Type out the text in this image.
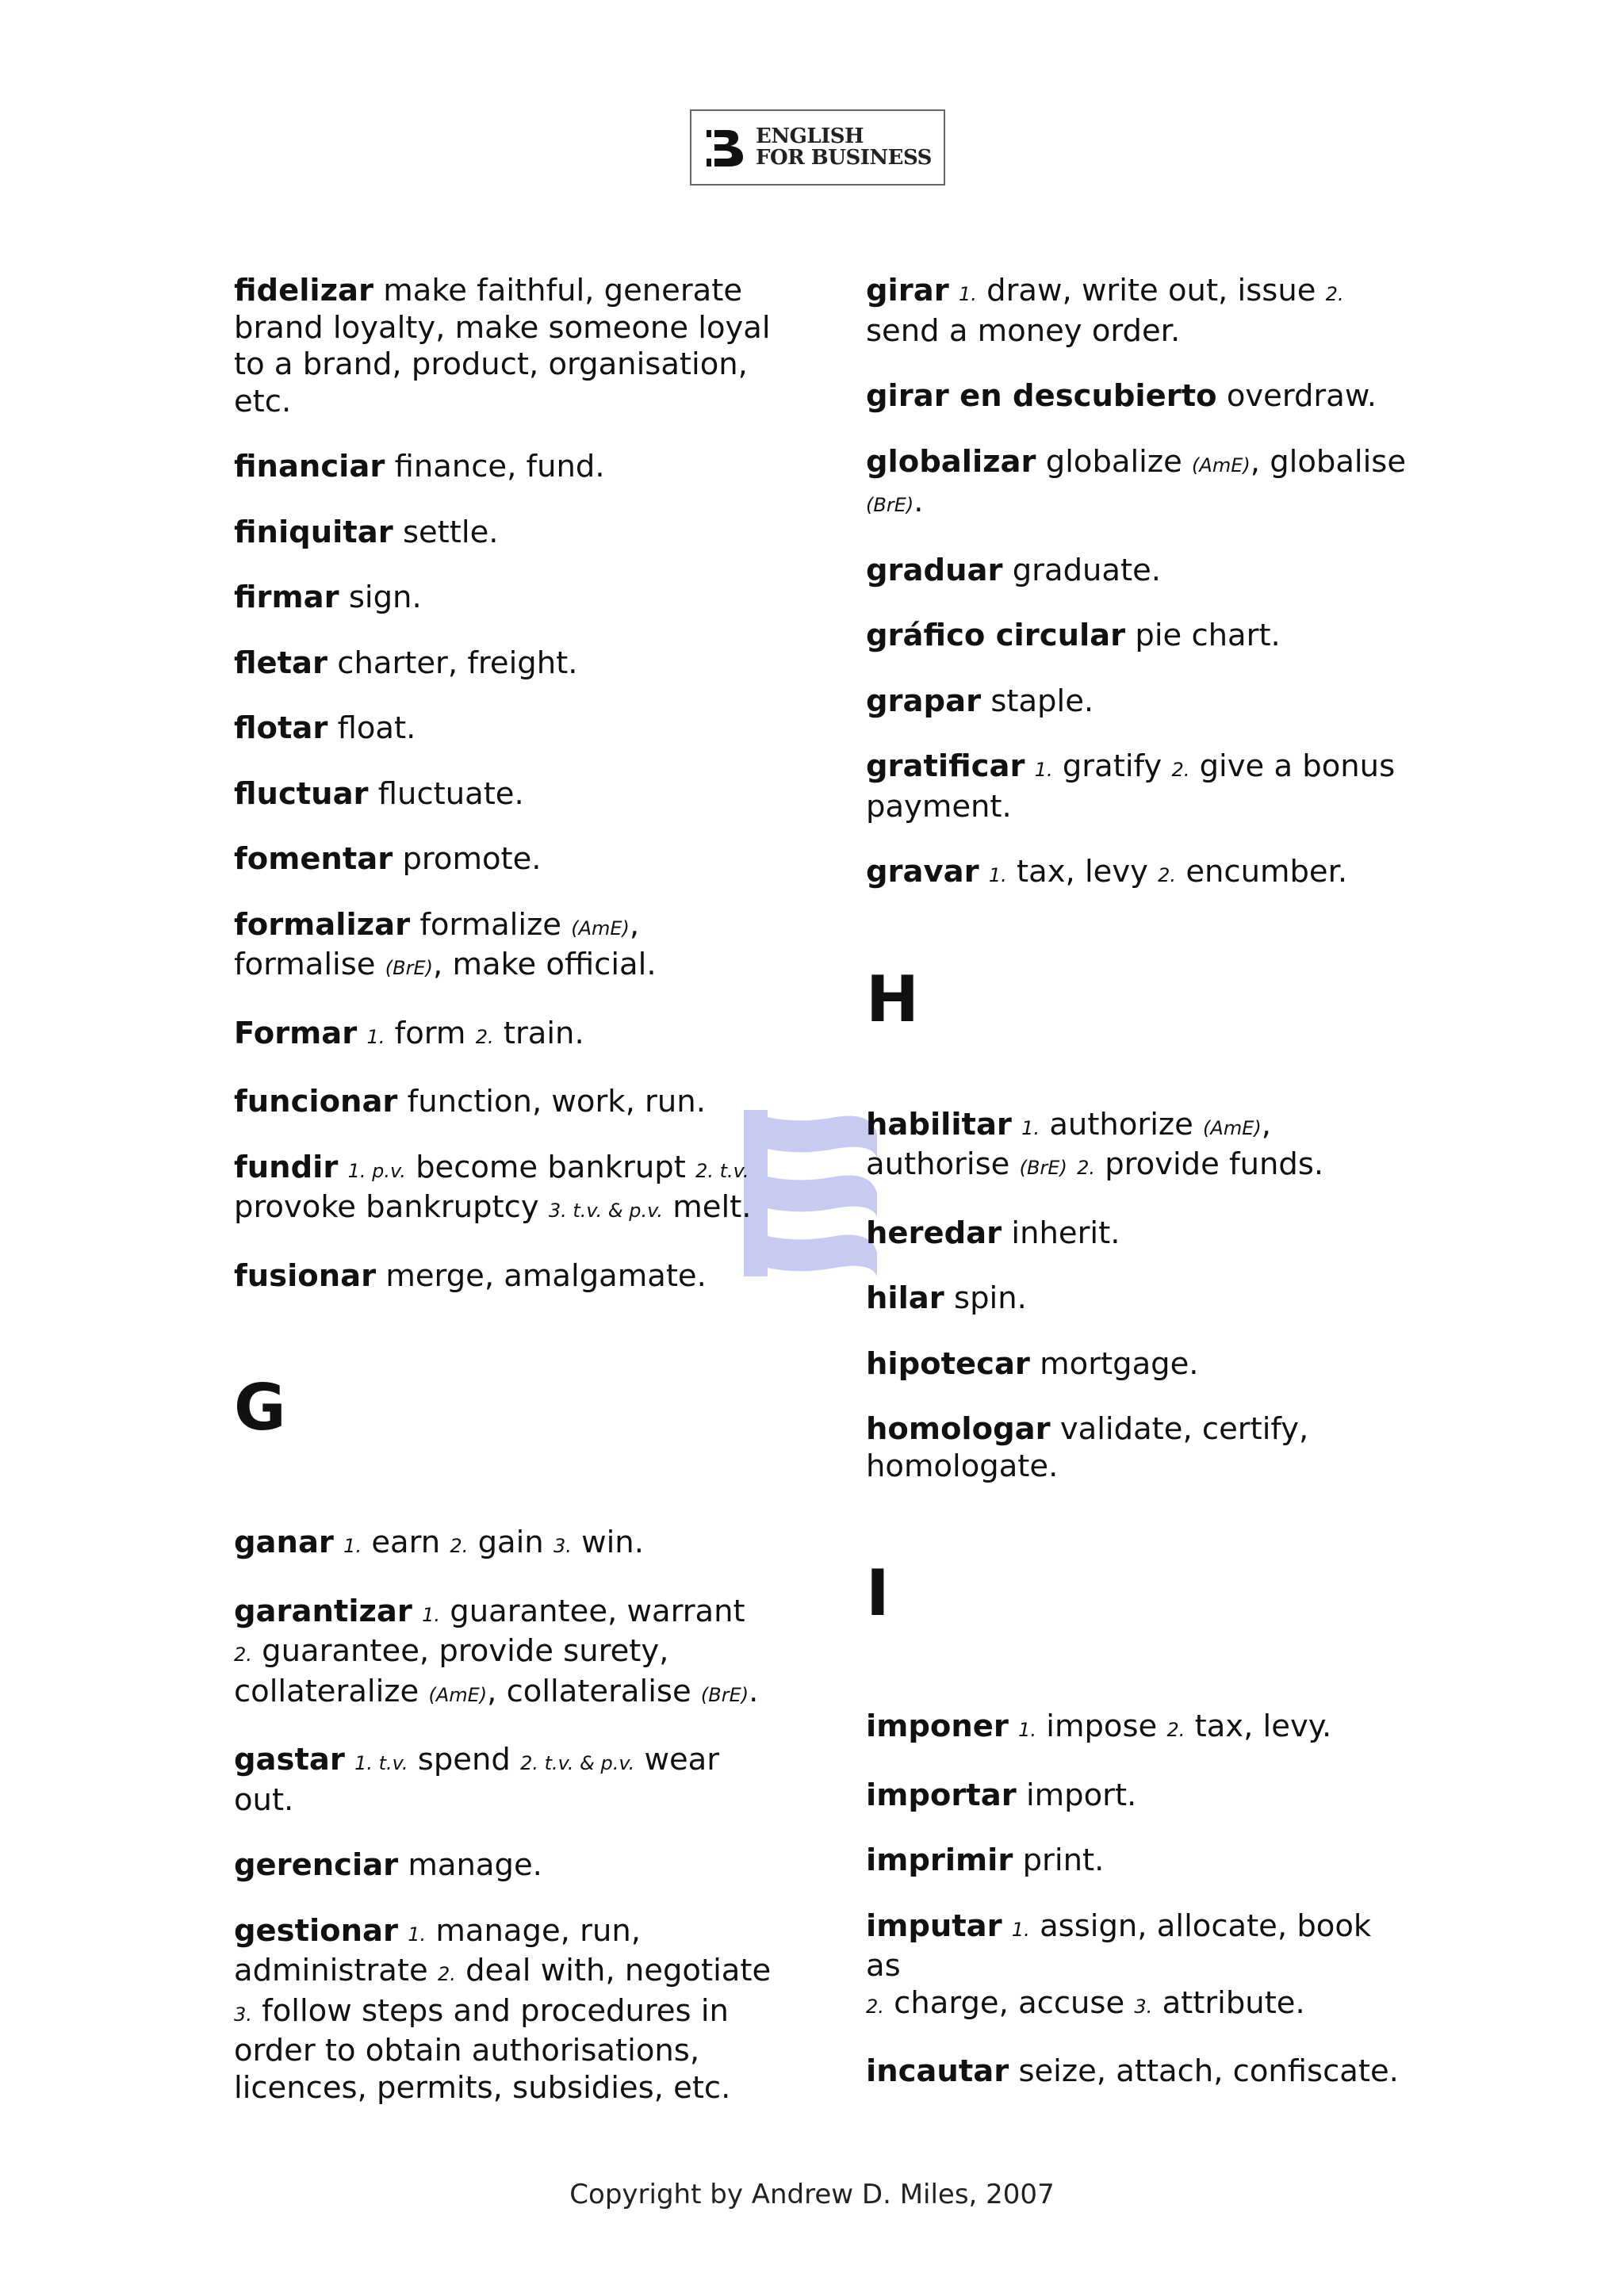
ENGLISH
FOR BUSINESS

fidelizar make faithful, generate brand loyalty, make someone loyal to a brand, product, organisation, etc.

financiar finance, fund.

finiquitar settle.

firmar sign.

fletar charter, freight.

flotar float.

fluctuar fluctuate.

fomentar promote.

formalizar formalize (AmE), formalise (BrE), make official.

Formar 1. form 2. train.

funcionar function, work, run.

fundir 1. p.v. become bankrupt 2. t.v. provoke bankruptcy 3. t.v. & p.v. melt.

fusionar merge, amalgamate.

G

ganar 1. earn 2. gain 3. win.

garantizar 1. guarantee, warrant
2. guarantee, provide surety, collateralize (AmE), collateralise (BrE).

gastar 1. t.v. spend 2. t.v. & p.v. wear out.

gerenciar manage.

gestionar 1. manage, run, administrate 2. deal with, negotiate 3. follow steps and procedures in order to obtain authorisations, licences, permits, subsidies, etc.

girar 1. draw, write out, issue 2. send a money order.

girar en descubierto overdraw.

globalizar globalize (AmE), globalise (BrE).

graduar graduate.

gráfico circular pie chart.

grapar staple.

gratificar 1. gratify 2. give a bonus payment.

gravar 1. tax, levy 2. encumber.

H

habilitar 1. authorize (AmE), authorise (BrE) 2. provide funds.

heredar inherit.

hilar spin.

hipotecar mortgage.

homologar validate, certify, homologate.

I

imponer 1. impose 2. tax, levy.

importar import.

imprimir print.

imputar 1. assign, allocate, book as
2. charge, accuse 3. attribute.

incautar seize, attach, confiscate.

Copyright by Andrew D. Miles, 2007
